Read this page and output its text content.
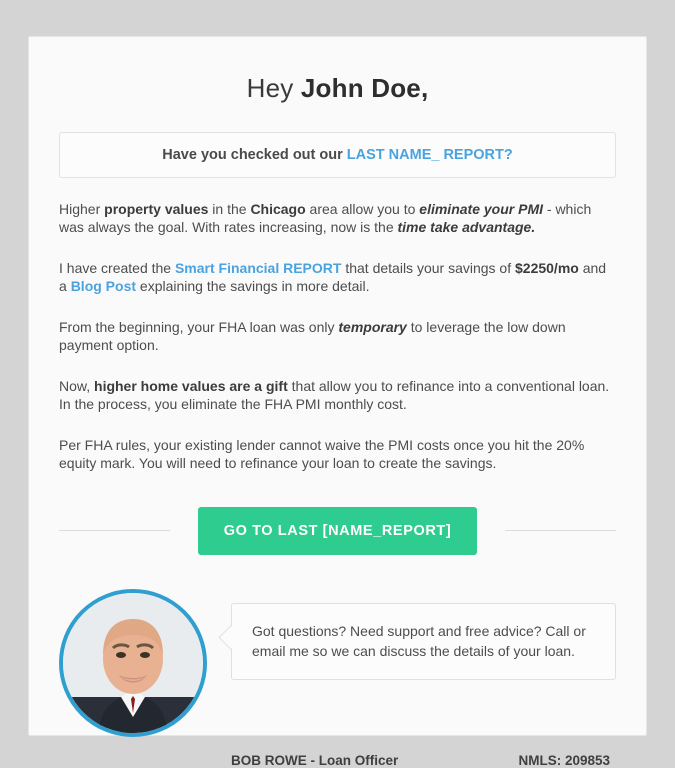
Hey John Doe,
Have you checked out our LAST NAME_ REPORT?

Higher property values in the Chicago area allow you to eliminate your PMI - which was always the goal. With rates increasing, now is the time take advantage.

I have created the Smart Financial REPORT that details your savings of $2250/mo and a Blog Post explaining the savings in more detail.

From the beginning, your FHA loan was only temporary to leverage the low down payment option.

Now, higher home values are a gift that allow you to refinance into a conventional loan. In the process, you eliminate the FHA PMI monthly cost.

Per FHA rules, your existing lender cannot waive the PMI costs once you hit the 20% equity mark. You will need to refinance your loan to create the savings.

GO TO LAST [NAME_REPORT]
Got questions? Need support and free advice? Call or email me so we can discuss the details of your loan.
BOB ROWE - Loan Officer	NMLS: 209853
